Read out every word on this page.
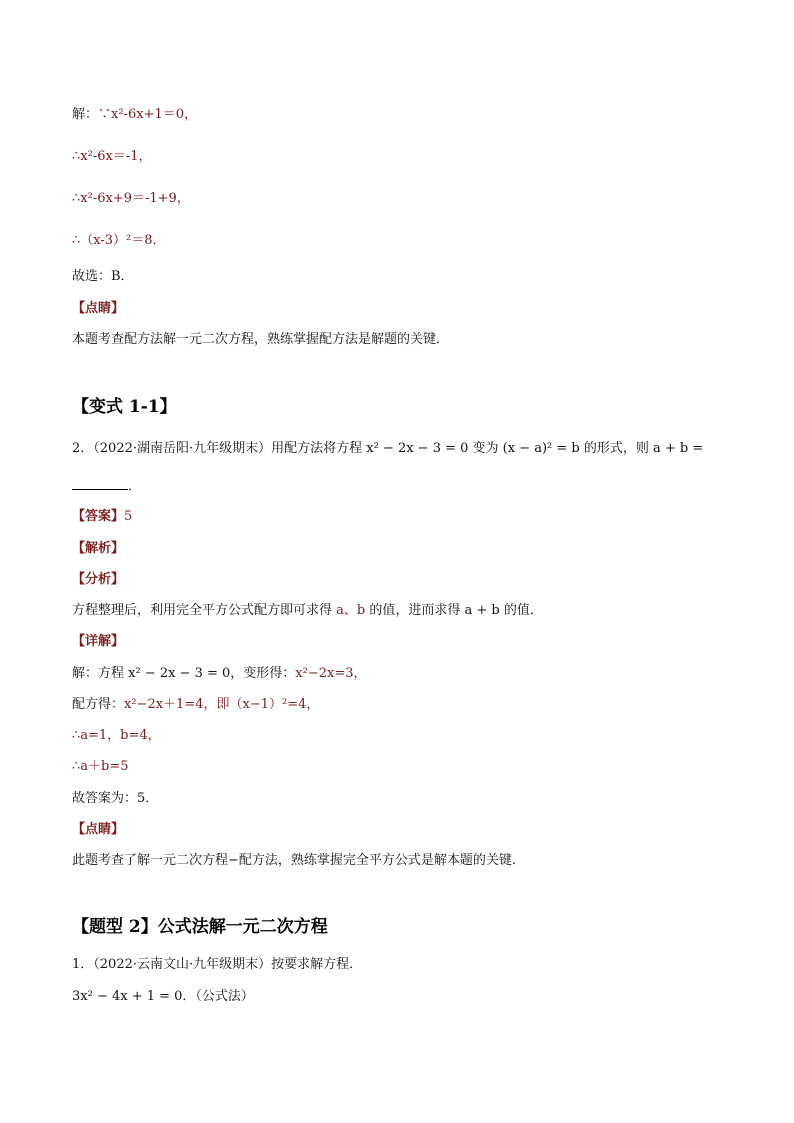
解：∵x²-6x+1＝0，
∴x²-6x＝-1，
∴x²-6x+9＝-1+9，
∴（x-3）²＝8．
故选：B．
【点睛】
本题考查配方法解一元二次方程，熟练掌握配方法是解题的关键．
【变式 1-1】
2．（2022·湖南岳阳·九年级期末）用配方法将方程 x² − 2x − 3 = 0 变为 (x − a)² = b 的形式，则 a + b =
．
【答案】5
【解析】
【分析】
方程整理后，利用完全平方公式配方即可求得 a、b 的值，进而求得 a + b 的值．
【详解】
解：方程 x² − 2x − 3 = 0，变形得：x²−2x=3，
配方得：x²−2x＋1=4，即（x−1）²=4，
∴a=1，b=4，
∴a＋b=5
故答案为：5．
【点睛】
此题考查了解一元二次方程−配方法，熟练掌握完全平方公式是解本题的关键．
【题型 2】公式法解一元二次方程
1．（2022·云南文山·九年级期末）按要求解方程．
3x² − 4x + 1 = 0．（公式法）
